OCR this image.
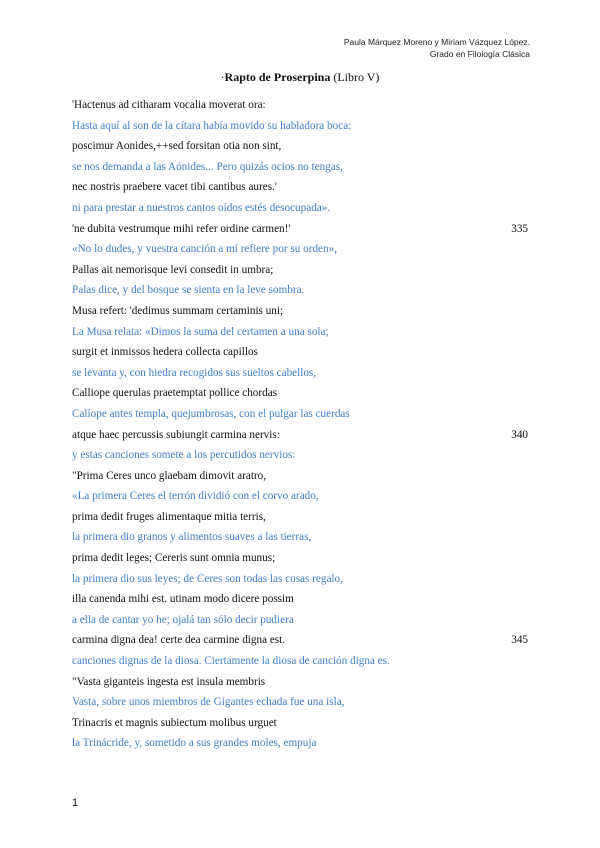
Paula Márquez Moreno y Miriam Vázquez López.
Grado en Filología Clásica
·Rapto de Proserpina (Libro V)
'Hactenus ad citharam vocalia moverat ora:
Hasta aquí al son de la cítara había movido su habladora boca:
poscimur Aonides,++sed forsitan otia non sint,
se nos demanda a las Aónides... Pero quizás ocios no tengas,
nec nostris praebere vacet tibi cantibus aures.'
ni para prestar a nuestros cantos oídos estés desocupada».
'ne dubita vestrumque mihi refer ordine carmen!'	335
«No lo dudes, y vuestra canción a mí refiere por su orden»,
Pallas ait nemorisque levi consedit in umbra;
Palas dice, y del bosque se sienta en la leve sombra.
Musa refert: 'dedimus summam certaminis uni;
La Musa relata: «Dimos la suma del certamen a una sola;
surgit et inmissos hedera collecta capillos
se levanta y, con hiedra recogidos sus sueltos cabellos,
Calliope querulas praetemptat pollice chordas
Calíope antes templa, quejumbrosas, con el pulgar las cuerdas
atque haec percussis subiungit carmina nervis:	340
y estas canciones somete a los percutidos nervios:
"Prima Ceres unco glaebam dimovit aratro,
«La primera Ceres el terrón dividió con el corvo arado,
prima dedit fruges alimentaque mitia terris,
la primera dio granos y alimentos suaves a las tierras,
prima dedit leges; Cereris sunt omnia munus;
la primera dio sus leyes; de Ceres son todas las cosas regalo,
illa canenda mihi est. utinam modo dicere possim
a ella de cantar yo he; ojalá tan sólo decir pudiera
carmina digna dea! certe dea carmine digna est.	345
canciones dignas de la diosa. Ciertamente la diosa de canción digna es.
"Vasta giganteis ingesta est insula membris
Vasta, sobre unos miembros de Gigantes echada fue una isla,
Trinacris et magnis subiectum molibus urguet
la Trinácride, y, sometido a sus grandes moles, empuja
1
